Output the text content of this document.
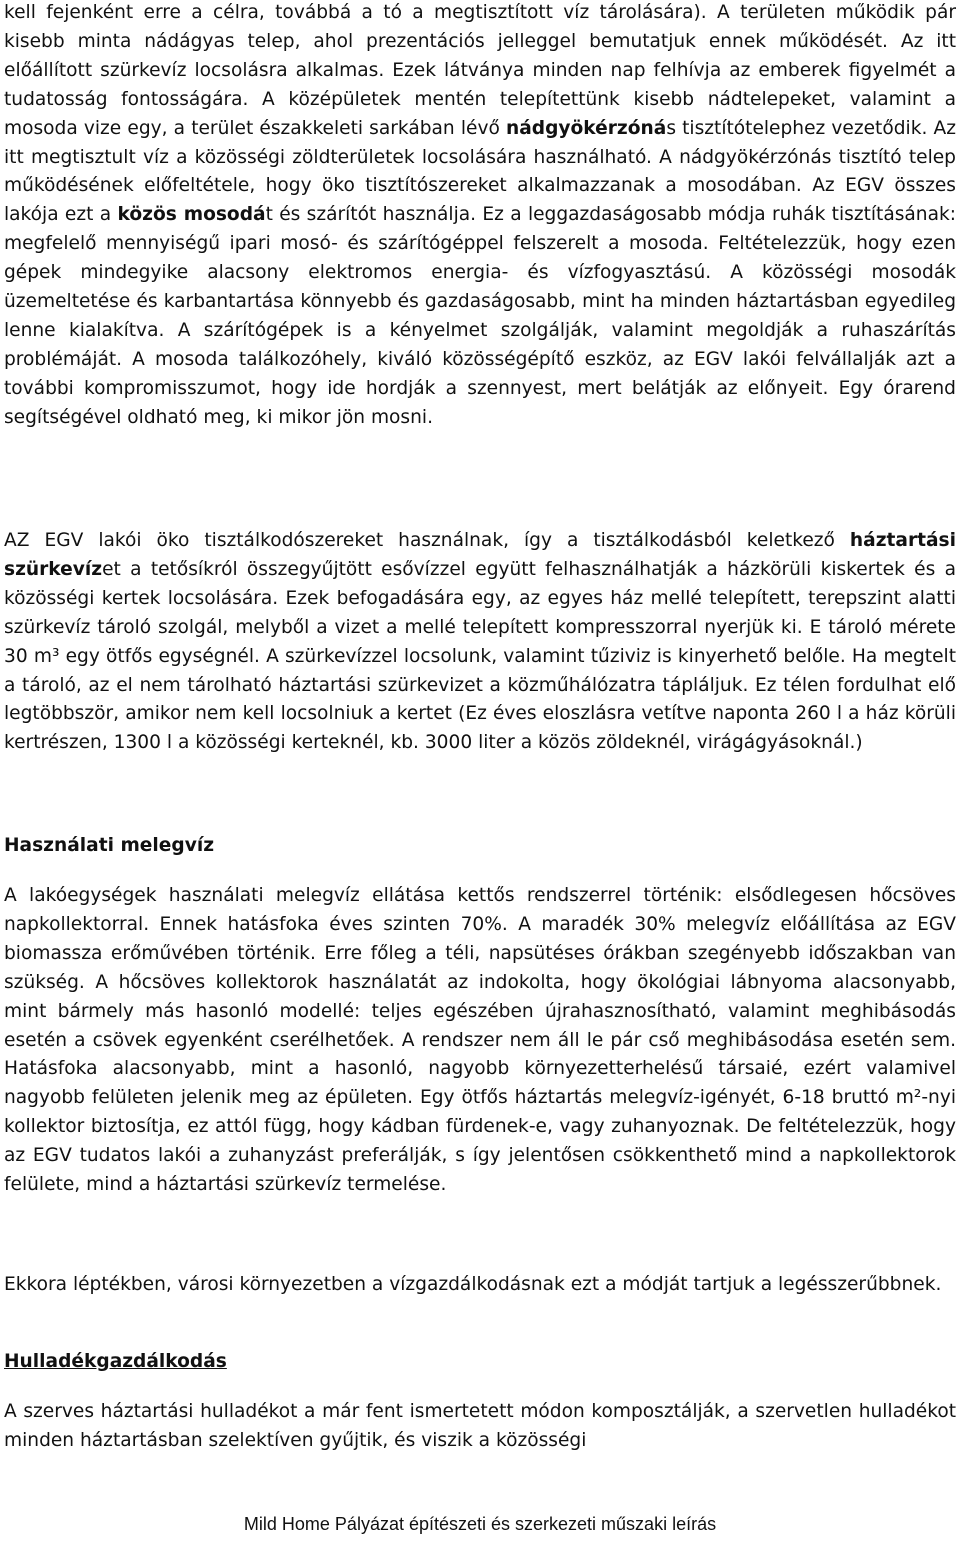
kell fejenként erre a célra, továbbá a tó a megtisztított víz tárolására). A területen működik pár kisebb minta nádágyas telep, ahol prezentációs jelleggel bemutatjuk ennek működését. Az itt előállított szürkevíz locsolásra alkalmas. Ezek látványa minden nap felhívja az emberek figyelmét a tudatosság fontosságára. A középületek mentén telepítettünk kisebb nádtelepeket, valamint a mosoda vize egy, a terület északkeleti sarkában lévő nádgyökérzónás tisztítótelephez vezetődik. Az itt megtisztult víz a közösségi zöldterületek locsolására használható. A nádgyökérzónás tisztító telep működésének előfeltétele, hogy öko tisztítószereket alkalmazzanak a mosodában. Az EGV összes lakója ezt a közös mosodát és szárítót használja. Ez a leggazdaságosabb módja ruhák tisztításának: megfelelő mennyiségű ipari mosó- és szárítógéppel felszerelt a mosoda. Feltételezzük, hogy ezen gépek mindegyike alacsony elektromos energia- és vízfogyasztású. A közösségi mosodák üzemeltetése és karbantartása könnyebb és gazdaságosabb, mint ha minden háztartásban egyedileg lenne kialakítva. A szárítógépek is a kényelmet szolgálják, valamint megoldják a ruhaszárítás problémáját. A mosoda találkozóhely, kiváló közösségépítő eszköz, az EGV lakói felvállalják azt a további kompromisszumot, hogy ide hordják a szennyest, mert belátják az előnyeit. Egy órarend segítségével oldható meg, ki mikor jön mosni.

AZ EGV lakói öko tisztálkodószereket használnak, így a tisztálkodásból keletkező háztartási szürkevízet a tetősíkról összegyűjtött esővízzel együtt felhasználhatják a házkörüli kiskertek és a közösségi kertek locsolására. Ezek befogadására egy, az egyes ház mellé telepített, terepszint alatti szürkevíz tároló szolgál, melyből a vizet a mellé telepített kompresszorral nyerjük ki. E tároló mérete 30 m³ egy ötfős egységnél. A szürkevízzel locsolunk, valamint tűziviz is kinyerhető belőle. Ha megtelt a tároló, az el nem tárolható háztartási szürkevizet a közműhálózatra tápláljuk. Ez télen fordulhat elő legtöbbször, amikor nem kell locsolniuk a kertet (Ez éves eloszlásra vetítve naponta 260 l a ház körüli kertrészen, 1300 l a közösségi kerteknél, kb. 3000 liter a közös zöldeknél, virágágyásoknál.)

Használati melegvíz

A lakóegységek használati melegvíz ellátása kettős rendszerrel történik: elsődlegesen hőcsöves napkollektorral. Ennek hatásfoka éves szinten 70%. A maradék 30% melegvíz előállítása az EGV biomassza erőművében történik. Erre főleg a téli, napsütéses órákban szegényebb időszakban van szükség. A hőcsöves kollektorok használatát az indokolta, hogy ökológiai lábnyoma alacsonyabb, mint bármely más hasonló modellé: teljes egészében újrahasznosítható, valamint meghibásodás esetén a csövek egyenként cserélhetőek. A rendszer nem áll le pár cső meghibásodása esetén sem. Hatásfoka alacsonyabb, mint a hasonló, nagyobb környezetterhelésű társaié, ezért valamivel nagyobb felületen jelenik meg az épületen. Egy ötfős háztartás melegvíz-igényét, 6-18 bruttó m²-nyi kollektor biztosítja, ez attól függ, hogy kádban fürdenek-e, vagy zuhanyoznak. De feltételezzük, hogy az EGV tudatos lakói a zuhanyzást preferálják, s így jelentősen csökkenthető mind a napkollektorok felülete, mind a háztartási szürkevíz termelése.

Ekkora léptékben, városi környezetben a vízgazdálkodásnak ezt a módját tartjuk a legésszerűbbnek.

Hulladékgazdálkodás

A szerves háztartási hulladékot a már fent ismertetett módon komposztálják, a szervetlen hulladékot minden háztartásban szelektíven gyűjtik, és viszik a közösségi

Mild Home Pályázat építészeti és szerkezeti műszaki leírás
